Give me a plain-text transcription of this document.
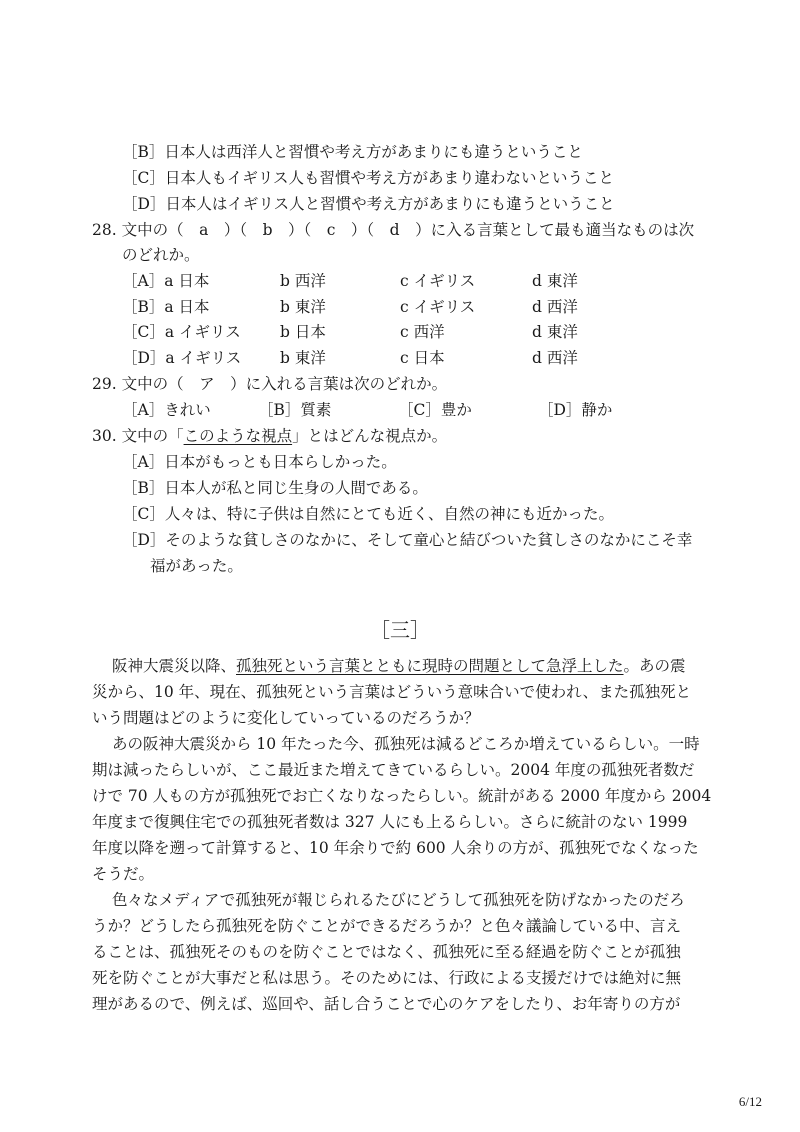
［B］日本人は西洋人と習慣や考え方があまりにも違うということ
［C］日本人もイギリス人も習慣や考え方があまり違わないということ
［D］日本人はイギリス人と習慣や考え方があまりにも違うということ
28. 文中の（　a　）（　b　）（　c　）（　d　）に入る言葉として最も適当なものは次
のどれか。
［A］a 日本	b 西洋	c イギリス	d 東洋
［B］a 日本	b 東洋	c イギリス	d 西洋
［C］a イギリス	b 日本	c 西洋	d 東洋
［D］a イギリス b 東洋	c 日本	d 西洋
29. 文中の（　ア　）に入れる言葉は次のどれか。
［A］きれい	［B］質素	［C］豊か	［D］静か
30. 文中の「このような視点」とはどんな視点か。
［A］日本がもっとも日本らしかった。
［B］日本人が私と同じ生身の人間である。
［C］人々は、特に子供は自然にとても近く、自然の神にも近かった。
［D］そのような貧しさのなかに、そして童心と結びついた貧しさのなかにこそ幸
福があった。
［三］
阪神大震災以降、孤独死という言葉とともに現時の問題として急浮上した。あの震
災から、10 年、現在、孤独死という言葉はどういう意味合いで使われ、また孤独死と
いう問題はどのように変化していっているのだろうか？
あの阪神大震災から 10 年たった今、孤独死は減るどころか増えているらしい。一時
期は減ったらしいが、ここ最近また増えてきているらしい。2004 年度の孤独死者数だ
けで 70 人もの方が孤独死でお亡くなりなったらしい。統計がある 2000 年度から 2004
年度まで復興住宅での孤独死者数は 327 人にも上るらしい。さらに統計のない 1999
年度以降を遡って計算すると、10 年余りで約 600 人余りの方が、孤独死でなくなった
そうだ。
色々なメディアで孤独死が報じられるたびにどうして孤独死を防げなかったのだろ
うか？どうしたら孤独死を防ぐことができるだろうか？と色々議論している中、言え
ることは、孤独死そのものを防ぐことではなく、孤独死に至る経過を防ぐことが孤独
死を防ぐことが大事だと私は思う。そのためには、行政による支援だけでは絶対に無
理があるので、例えば、巡回や、話し合うことで心のケアをしたり、お年寄りの方が
6/12
